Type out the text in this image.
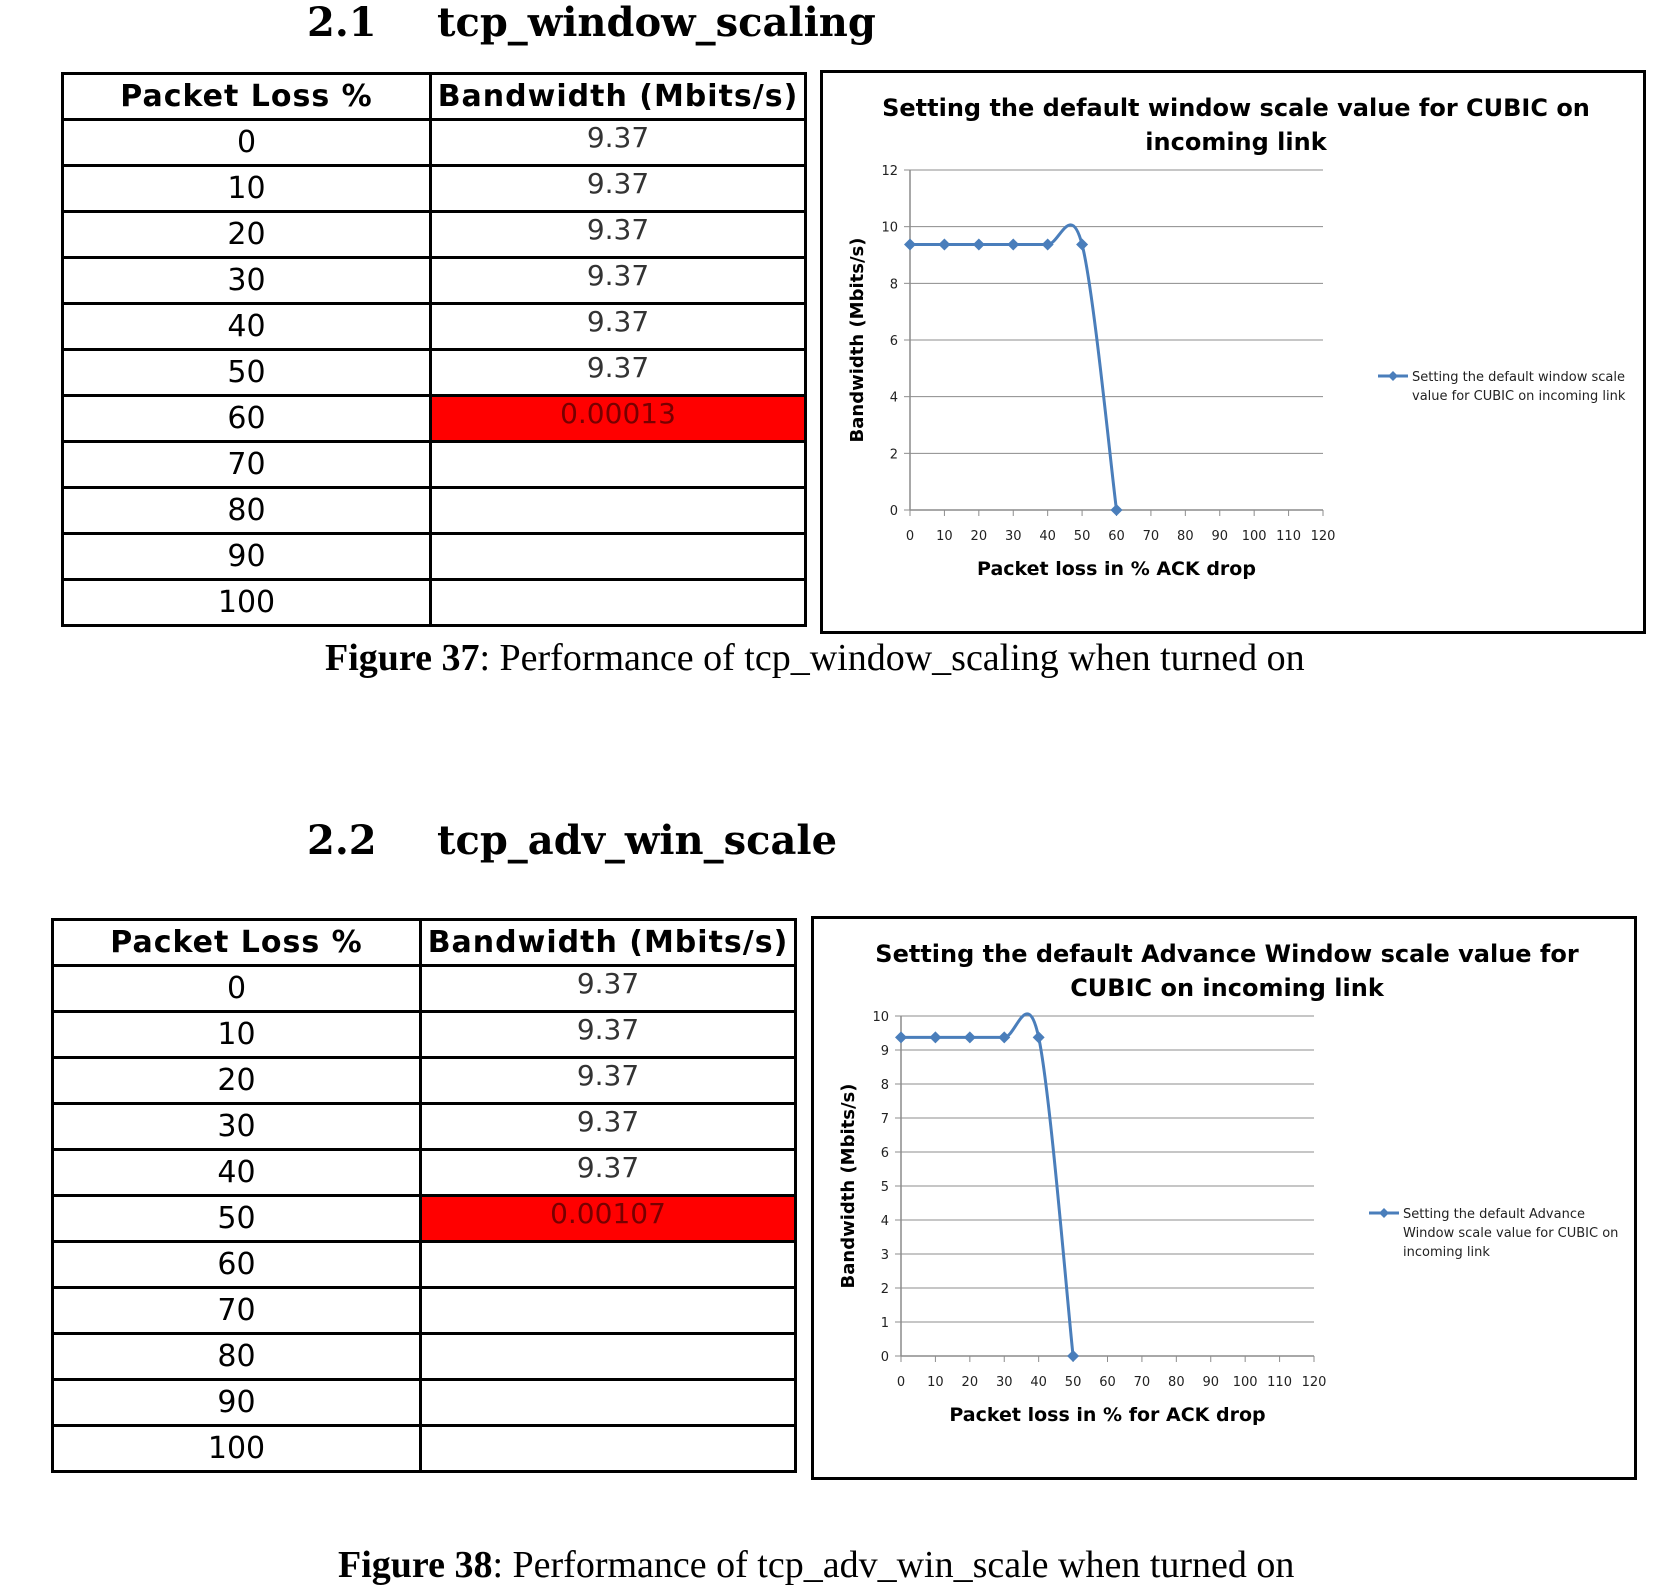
2.1 tcp_window_scaling
Packet Loss %	Bandwidth (Mbits/s)
0	9.37
10	9.37
20	9.37
30	9.37
40	9.37
50	9.37
60	0.00013
70	
80	
90	
100	
Setting the default window scale value for CUBIC on
incoming link
0
2
4
6
8
10
12
0 10 20 30 40 50 60 70 80 90 100 110 120
Packet loss in % ACK drop
Bandwidth (Mbits/s)	Setting the default window scale
value for CUBIC on incoming link
Figure 37: Performance of tcp_window_scaling when turned on
2.2 tcp_adv_win_scale
Packet Loss %	Bandwidth (Mbits/s)
0	9.37
10	9.37
20	9.37
30	9.37
40	9.37
50	0.00107
60	
70	
80	
90	
100	
Setting the default Advance Window scale value for
CUBIC on incoming link
0
1
2
3
4
5
6
7
8
9
10
0 10 20 30 40 50 60 70 80 90 100 110 120
Packet loss in % for ACK drop
Bandwidth (Mbits/s)	Setting the default Advance
Window scale value for CUBIC on
incoming link
Figure 38: Performance of tcp_adv_win_scale when turned on
